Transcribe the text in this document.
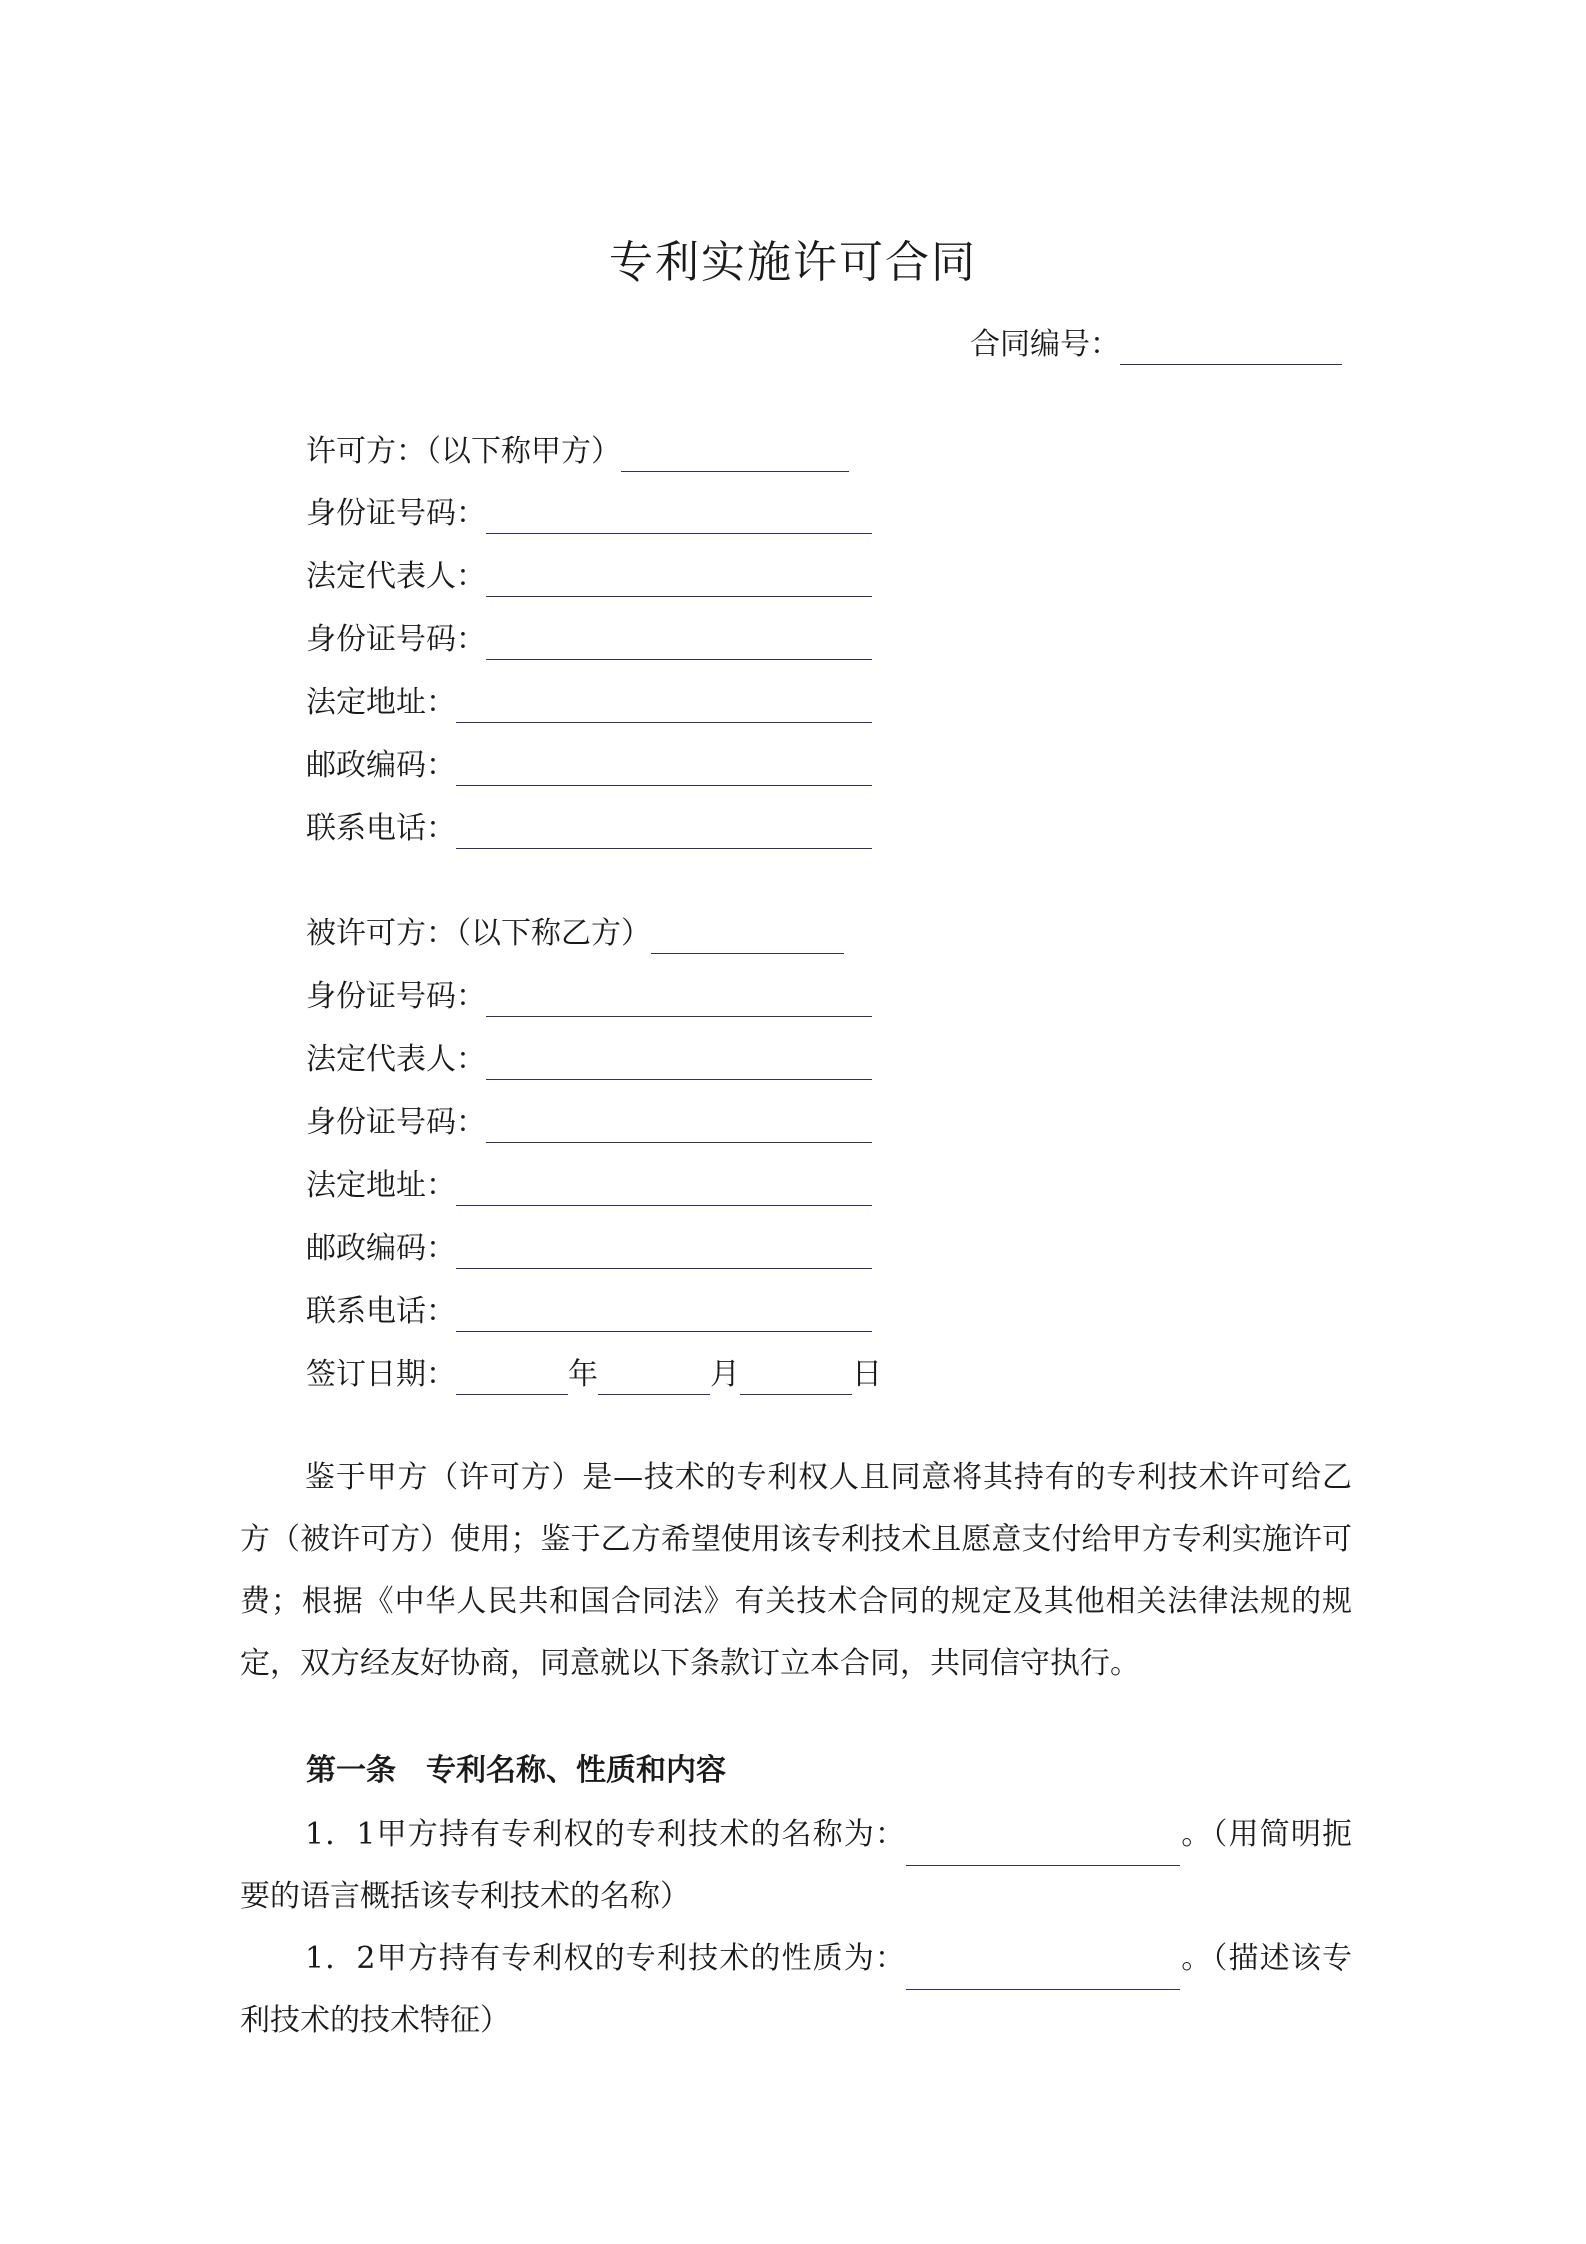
专利实施许可合同
合同编号：
许可方：（以下称甲方）
身份证号码：
法定代表人：
身份证号码：
法定地址：
邮政编码：
联系电话：
被许可方：（以下称乙方）
身份证号码：
法定代表人：
身份证号码：
法定地址：
邮政编码：
联系电话：
签订日期：	年	月	日
鉴于甲方（许可方）是—技术的专利权人且同意将其持有的专利技术许可给乙方（被许可方）使用；鉴于乙方希望使用该专利技术且愿意支付给甲方专利实施许可费；根据《中华人民共和国合同法》有关技术合同的规定及其他相关法律法规的规定，双方经友好协商，同意就以下条款订立本合同，共同信守执行。
第一条　专利名称、性质和内容
1．1甲方持有专利权的专利技术的名称为：	。（用简明扼要的语言概括该专利技术的名称）
1．2甲方持有专利权的专利技术的性质为：	。（描述该专利技术的技术特征）
